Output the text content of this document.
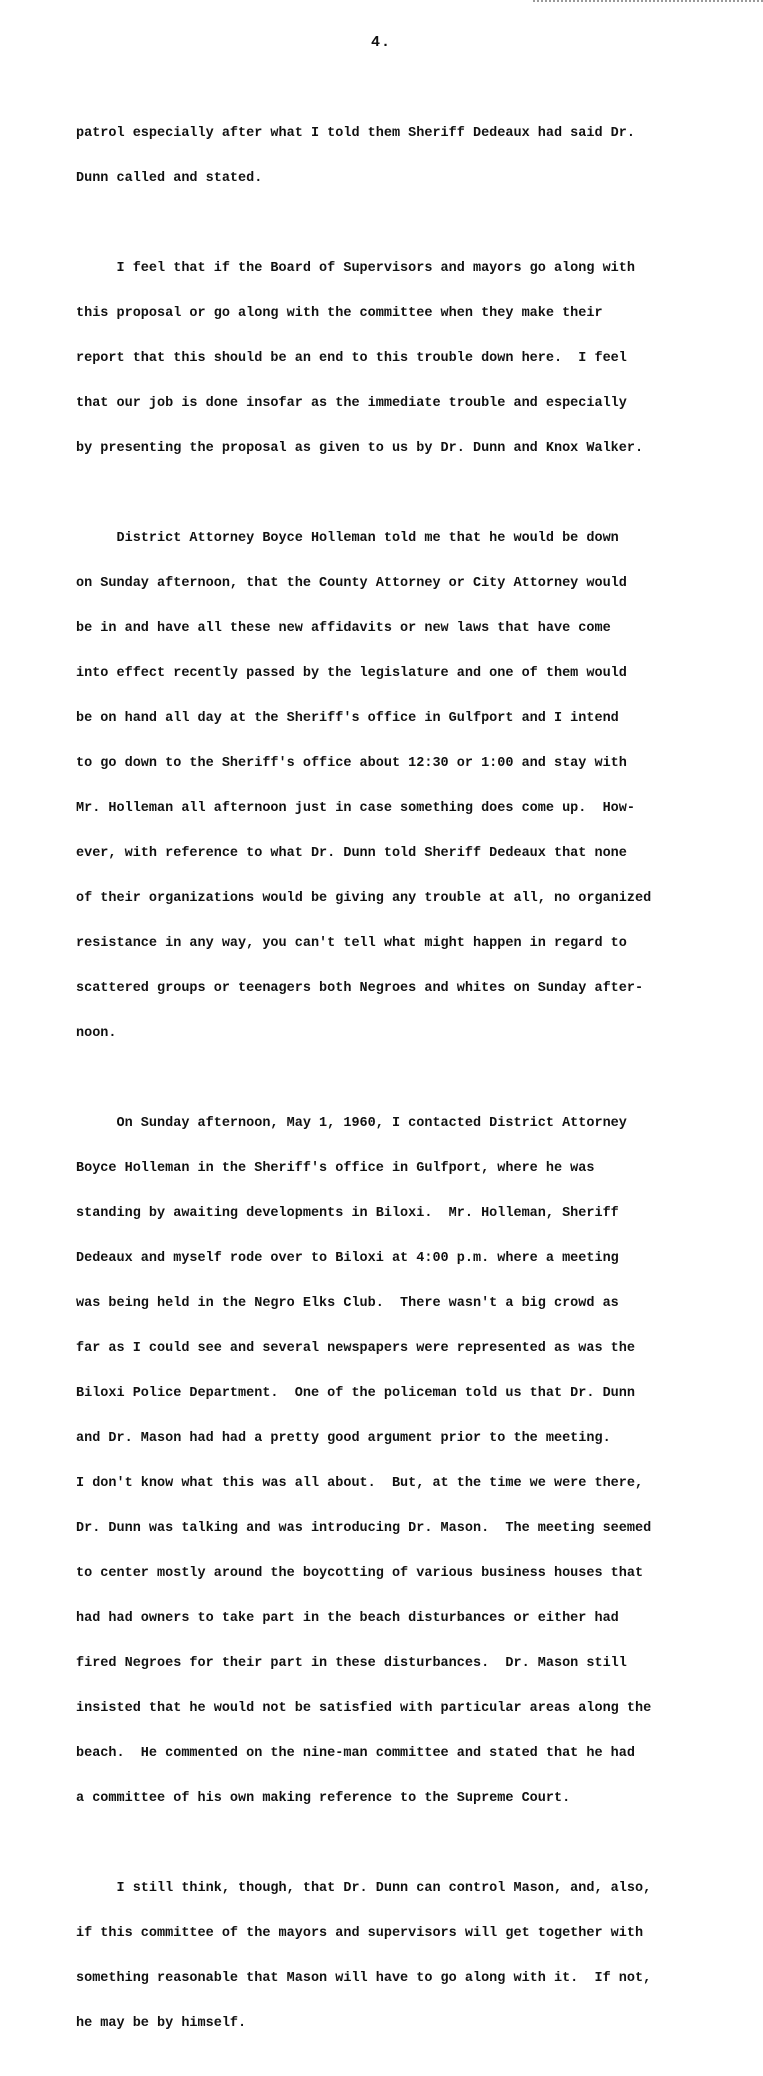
4.

patrol especially after what I told them Sheriff Dedeaux had said Dr.

Dunn called and stated.

I feel that if the Board of Supervisors and mayors go along with

this proposal or go along with the committee when they make their

report that this should be an end to this trouble down here.  I feel

that our job is done insofar as the immediate trouble and especially

by presenting the proposal as given to us by Dr. Dunn and Knox Walker.

District Attorney Boyce Holleman told me that he would be down

on Sunday afternoon, that the County Attorney or City Attorney would

be in and have all these new affidavits or new laws that have come

into effect recently passed by the legislature and one of them would

be on hand all day at the Sheriff's office in Gulfport and I intend

to go down to the Sheriff's office about 12:30 or 1:00 and stay with

Mr. Holleman all afternoon just in case something does come up.  How-

ever, with reference to what Dr. Dunn told Sheriff Dedeaux that none

of their organizations would be giving any trouble at all, no organized

resistance in any way, you can't tell what might happen in regard to

scattered groups or teenagers both Negroes and whites on Sunday after-

noon.

On Sunday afternoon, May 1, 1960, I contacted District Attorney

Boyce Holleman in the Sheriff's office in Gulfport, where he was

standing by awaiting developments in Biloxi.  Mr. Holleman, Sheriff

Dedeaux and myself rode over to Biloxi at 4:00 p.m. where a meeting

was being held in the Negro Elks Club.  There wasn't a big crowd as

far as I could see and several newspapers were represented as was the

Biloxi Police Department.  One of the policeman told us that Dr. Dunn

and Dr. Mason had had a pretty good argument prior to the meeting.

I don't know what this was all about.  But, at the time we were there,

Dr. Dunn was talking and was introducing Dr. Mason.  The meeting seemed

to center mostly around the boycotting of various business houses that

had had owners to take part in the beach disturbances or either had

fired Negroes for their part in these disturbances.  Dr. Mason still

insisted that he would not be satisfied with particular areas along the

beach.  He commented on the nine-man committee and stated that he had

a committee of his own making reference to the Supreme Court.

I still think, though, that Dr. Dunn can control Mason, and, also,

if this committee of the mayors and supervisors will get together with

something reasonable that Mason will have to go along with it.  If not,

he may be by himself.
